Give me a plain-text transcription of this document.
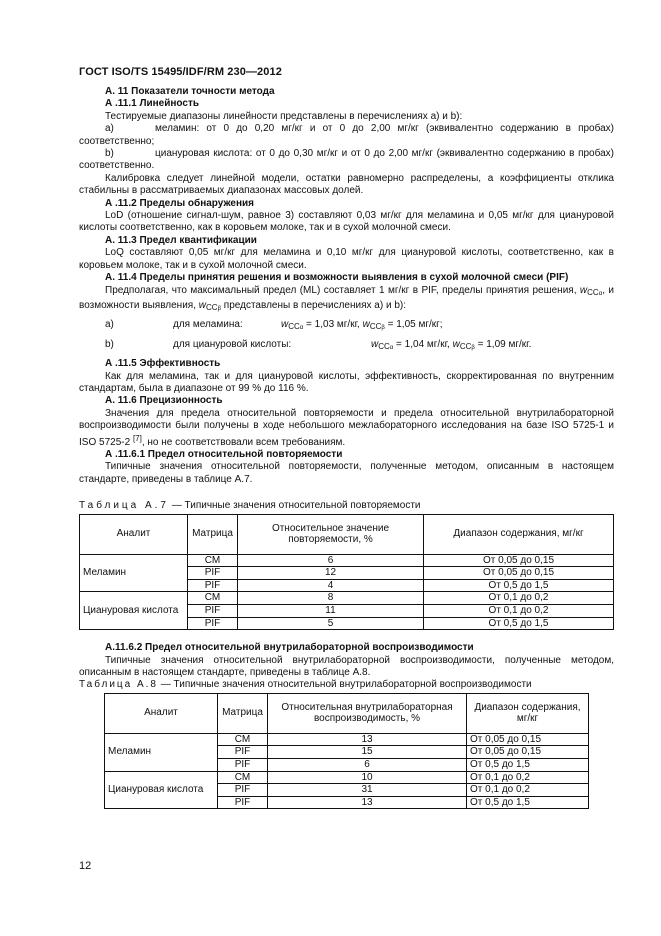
ГОСТ ISO/TS 15495/IDF/RM 230—2012

А. 11 Показатели точности метода

А .11.1 Линейность

Тестируемые диапазоны линейности представлены в перечислениях a) и b):

a)	меламин: от 0 до 0,20 мг/кг и от 0 до 2,00 мг/кг (эквивалентно содержанию в пробах) соответственно;

b)	циануровая кислота: от 0 до 0,30 мг/кг и от 0 до 2,00 мг/кг (эквивалентно содержанию в пробах) соответственно.

Калибровка следует линейной модели, остатки равномерно распределены, а коэффициенты отклика стабильны в рассматриваемых диапазонах массовых долей.

А .11.2 Пределы обнаружения

LoD (отношение сигнал-шум, равное 3) составляют 0,03 мг/кг для меламина и 0,05 мг/кг для циануровой кислоты соответственно, как в коровьем молоке, так и в сухой молочной смеси.

А. 11.3 Предел квантификации

LoQ составляют 0,05 мг/кг для меламина и 0,10 мг/кг для циануровой кислоты, соответственно, как в коровьем молоке, так и в сухой молочной смеси.

А. 11.4 Пределы принятия решения и возможности выявления в сухой молочной смеси (PIF)

Предполагая, что максимальный предел (ML) составляет 1 мг/кг в PIF, пределы принятия решения, $w_{CC\alpha}$, и возможности выявления, $w_{CC\beta}$ представлены в перечислениях a) и b):

a)	для меламина:	$w_{CC\alpha} = 1,03$ мг/кг, $w_{CC\beta} = 1,05$ мг/кг;

b)	для циануровой кислоты:	$w_{CC\alpha} = 1,04$ мг/кг, $w_{CC\beta} = 1,09$ мг/кг.

А .11.5 Эффективность

Как для меламина, так и для циануровой кислоты, эффективность, скорректированная по внутренним стандартам, была в диапазоне от 99 % до 116 %.

А. 11.6 Прецизионность

Значения для предела относительной повторяемости и предела относительной внутрилабораторной воспроизводимости были получены в ходе небольшого межлабораторного исследования на базе ISO 5725-1 и ISO 5725-2 [7], но не соответствовали всем требованиям.

А .11.6.1 Предел относительной повторяемости

Типичные значения относительной повторяемости, полученные методом, описанным в настоящем стандарте, приведены в таблице А.7.

Таблица А.7 — Типичные значения относительной повторяемости

Аналит	Матрица	Относительное значение повторяемости, %	Диапазон содержания, мг/кг
Меламин	СМ	6	От 0,05 до 0,15
	PIF	12	От 0,05 до 0,15
	PIF	4	От 0,5 до 1,5
Циануровая кислота	СМ	8	От 0,1 до 0,2
	PIF	11	От 0,1 до 0,2
	PIF	5	От 0,5 до 1,5

А.11.6.2 Предел относительной внутрилабораторной воспроизводимости

Типичные значения относительной внутрилабораторной воспроизводимости, полученные методом, описанным в настоящем стандарте, приведены в таблице А.8.

Таблица А.8 — Типичные значения относительной внутрилабораторной воспроизводимости

Аналит	Матрица	Относительная внутрилабораторная воспроизводимость, %	Диапазон содержания, мг/кг
Меламин	СМ	13	От 0,05 до 0,15
	PIF	15	От 0,05 до 0,15
	PIF	6	От 0,5 до 1,5
Циануровая кислота	СМ	10	От 0,1 до 0,2
	PIF	31	От 0,1 до 0,2
	PIF	13	От 0,5 до 1,5
12
